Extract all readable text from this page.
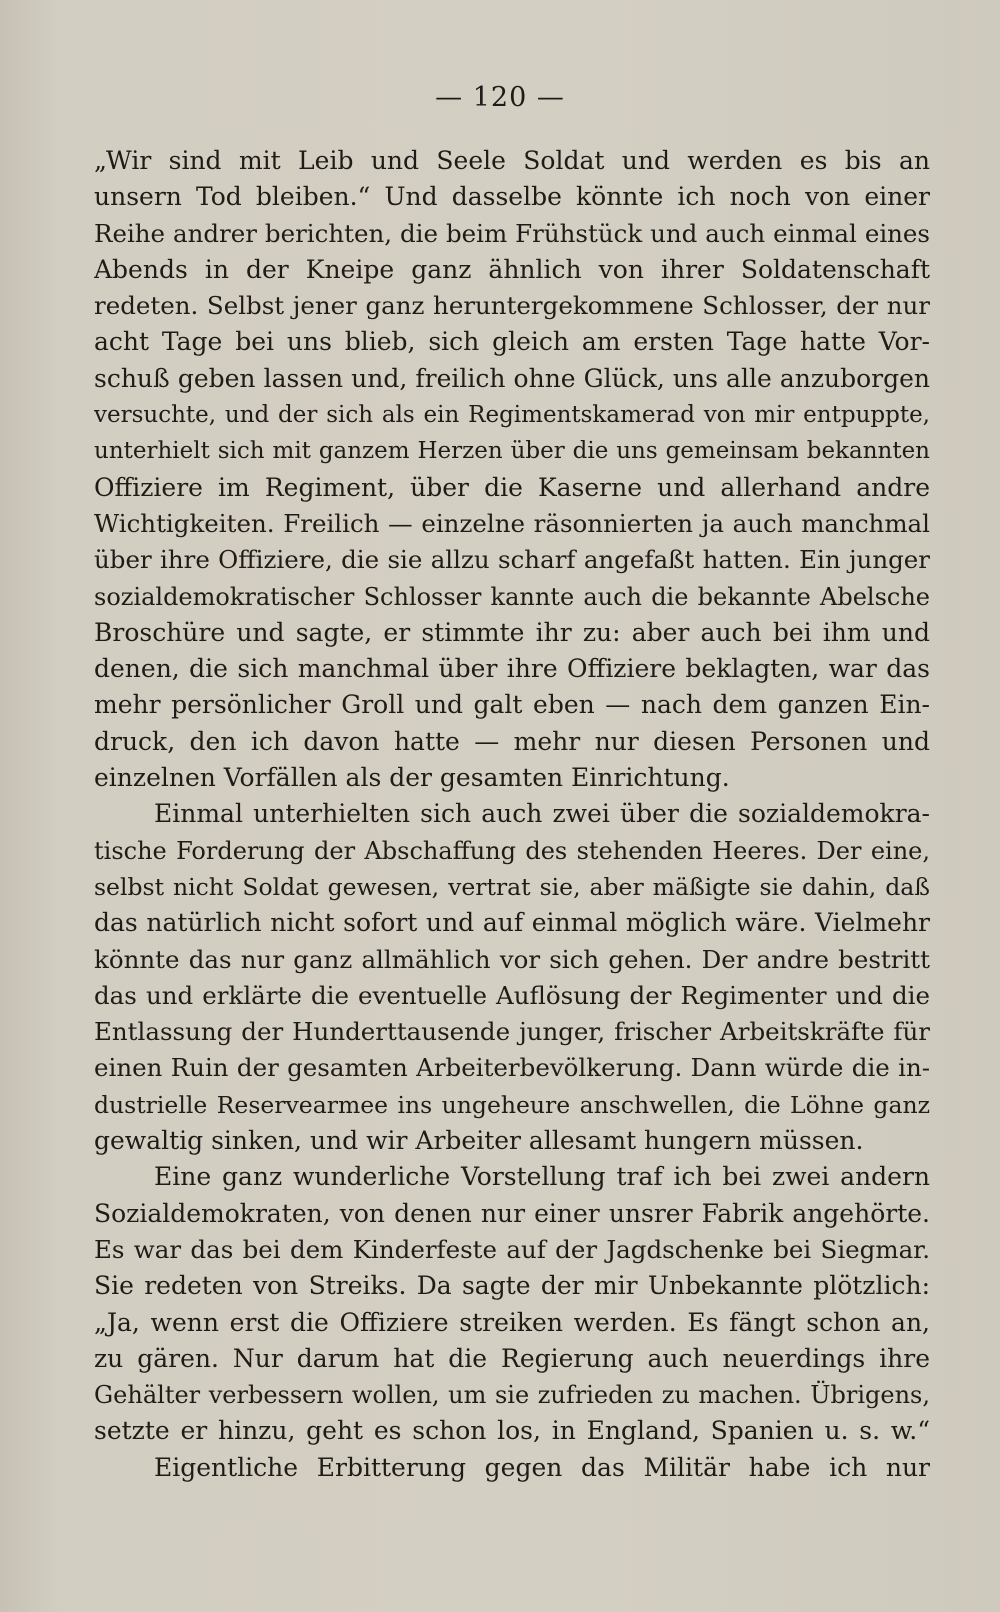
— 120 —
„Wir sind mit Leib und Seele Soldat und werden es bis an
unsern Tod bleiben.“ Und dasselbe könnte ich noch von einer
Reihe andrer berichten, die beim Frühstück und auch einmal eines
Abends in der Kneipe ganz ähnlich von ihrer Soldatenschaft
redeten. Selbst jener ganz heruntergekommene Schlosser, der nur
acht Tage bei uns blieb, sich gleich am ersten Tage hatte Vor-
schuß geben lassen und, freilich ohne Glück, uns alle anzuborgen
versuchte, und der sich als ein Regimentskamerad von mir entpuppte,
unterhielt sich mit ganzem Herzen über die uns gemeinsam bekannten
Offiziere im Regiment, über die Kaserne und allerhand andre
Wichtigkeiten. Freilich — einzelne räsonnierten ja auch manchmal
über ihre Offiziere, die sie allzu scharf angefaßt hatten. Ein junger
sozialdemokratischer Schlosser kannte auch die bekannte Abelsche
Broschüre und sagte, er stimmte ihr zu: aber auch bei ihm und
denen, die sich manchmal über ihre Offiziere beklagten, war das
mehr persönlicher Groll und galt eben — nach dem ganzen Ein-
druck, den ich davon hatte — mehr nur diesen Personen und
einzelnen Vorfällen als der gesamten Einrichtung.
Einmal unterhielten sich auch zwei über die sozialdemokra-
tische Forderung der Abschaffung des stehenden Heeres. Der eine,
selbst nicht Soldat gewesen, vertrat sie, aber mäßigte sie dahin, daß
das natürlich nicht sofort und auf einmal möglich wäre. Vielmehr
könnte das nur ganz allmählich vor sich gehen. Der andre bestritt
das und erklärte die eventuelle Auflösung der Regimenter und die
Entlassung der Hunderttausende junger, frischer Arbeitskräfte für
einen Ruin der gesamten Arbeiterbevölkerung. Dann würde die in-
dustrielle Reservearmee ins ungeheure anschwellen, die Löhne ganz
gewaltig sinken, und wir Arbeiter allesamt hungern müssen.
Eine ganz wunderliche Vorstellung traf ich bei zwei andern
Sozialdemokraten, von denen nur einer unsrer Fabrik angehörte.
Es war das bei dem Kinderfeste auf der Jagdschenke bei Siegmar.
Sie redeten von Streiks. Da sagte der mir Unbekannte plötzlich:
„Ja, wenn erst die Offiziere streiken werden. Es fängt schon an,
zu gären. Nur darum hat die Regierung auch neuerdings ihre
Gehälter verbessern wollen, um sie zufrieden zu machen. Übrigens,
setzte er hinzu, geht es schon los, in England, Spanien u. s. w.“
Eigentliche Erbitterung gegen das Militär habe ich nur
